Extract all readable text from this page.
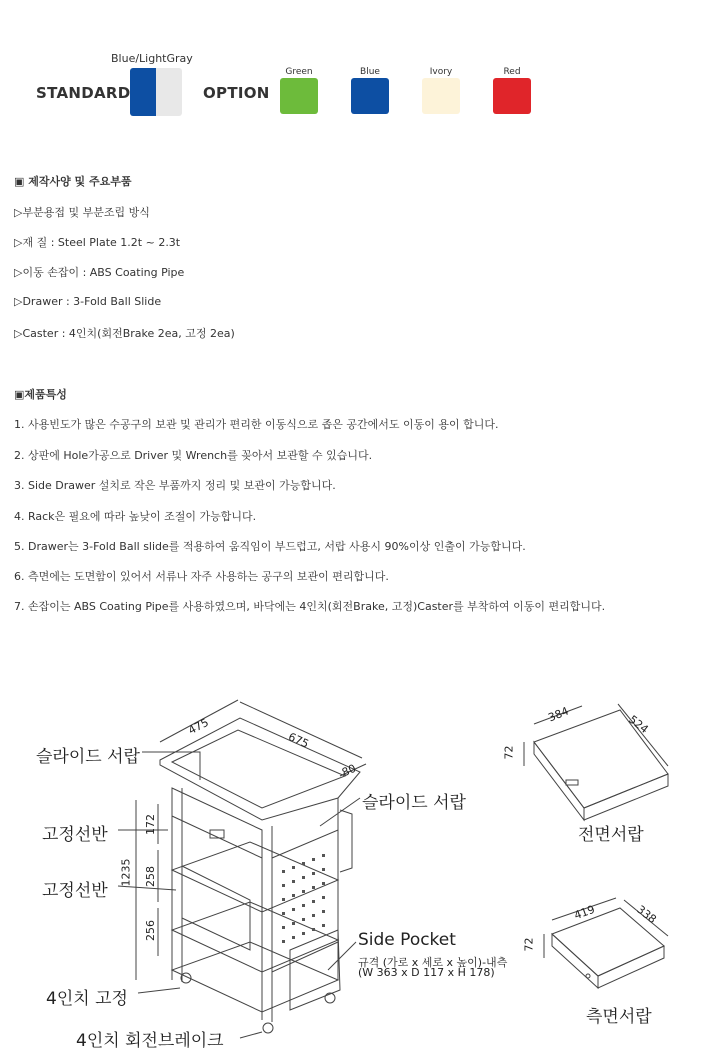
Blue/LightGray
STANDARD	OPTION
Green	Blue	Ivory	Red
▣ 제작사양 및 주요부품
▷부분용접 및 부분조립 방식
▷재 질 : Steel Plate 1.2t ~ 2.3t
▷이동 손잡이 : ABS Coating Pipe
▷Drawer : 3-Fold Ball Slide
▷Caster : 4인치(회전Brake 2ea, 고정 2ea)
▣제품특성
1. 사용빈도가 많은 수공구의 보관 및 관리가 편리한 이동식으로 좁은 공간에서도 이동이 용이 합니다.
2. 상판에 Hole가공으로 Driver 및 Wrench를 꽂아서 보관할 수 있습니다.
3. Side Drawer 설치로 작은 부품까지 정리 및 보관이 가능합니다.
4. Rack은 필요에 따라 높낮이 조절이 가능합니다.
5. Drawer는 3-Fold Ball slide를 적용하여 움직임이 부드럽고, 서랍 사용시 90%이상 인출이 가능합니다.
6. 측면에는 도면함이 있어서 서류나 자주 사용하는 공구의 보관이 편리합니다.
7. 손잡이는 ABS Coating Pipe를 사용하였으며, 바닥에는 4인치(회전Brake, 고정)Caster를 부착하여 이동이 편리합니다.
475
675
80
1235
172
258
256
슬라이드 서랍
슬라이드 서랍
고정선반
고정선반
4인치 고정
4인치 회전브레이크
Side Pocket
규격 (가로 x 세로 x 높이)-내측
(W 363 x D 117 x H 178)
384	524
72
전면서랍
419	338
72
측면서랍
